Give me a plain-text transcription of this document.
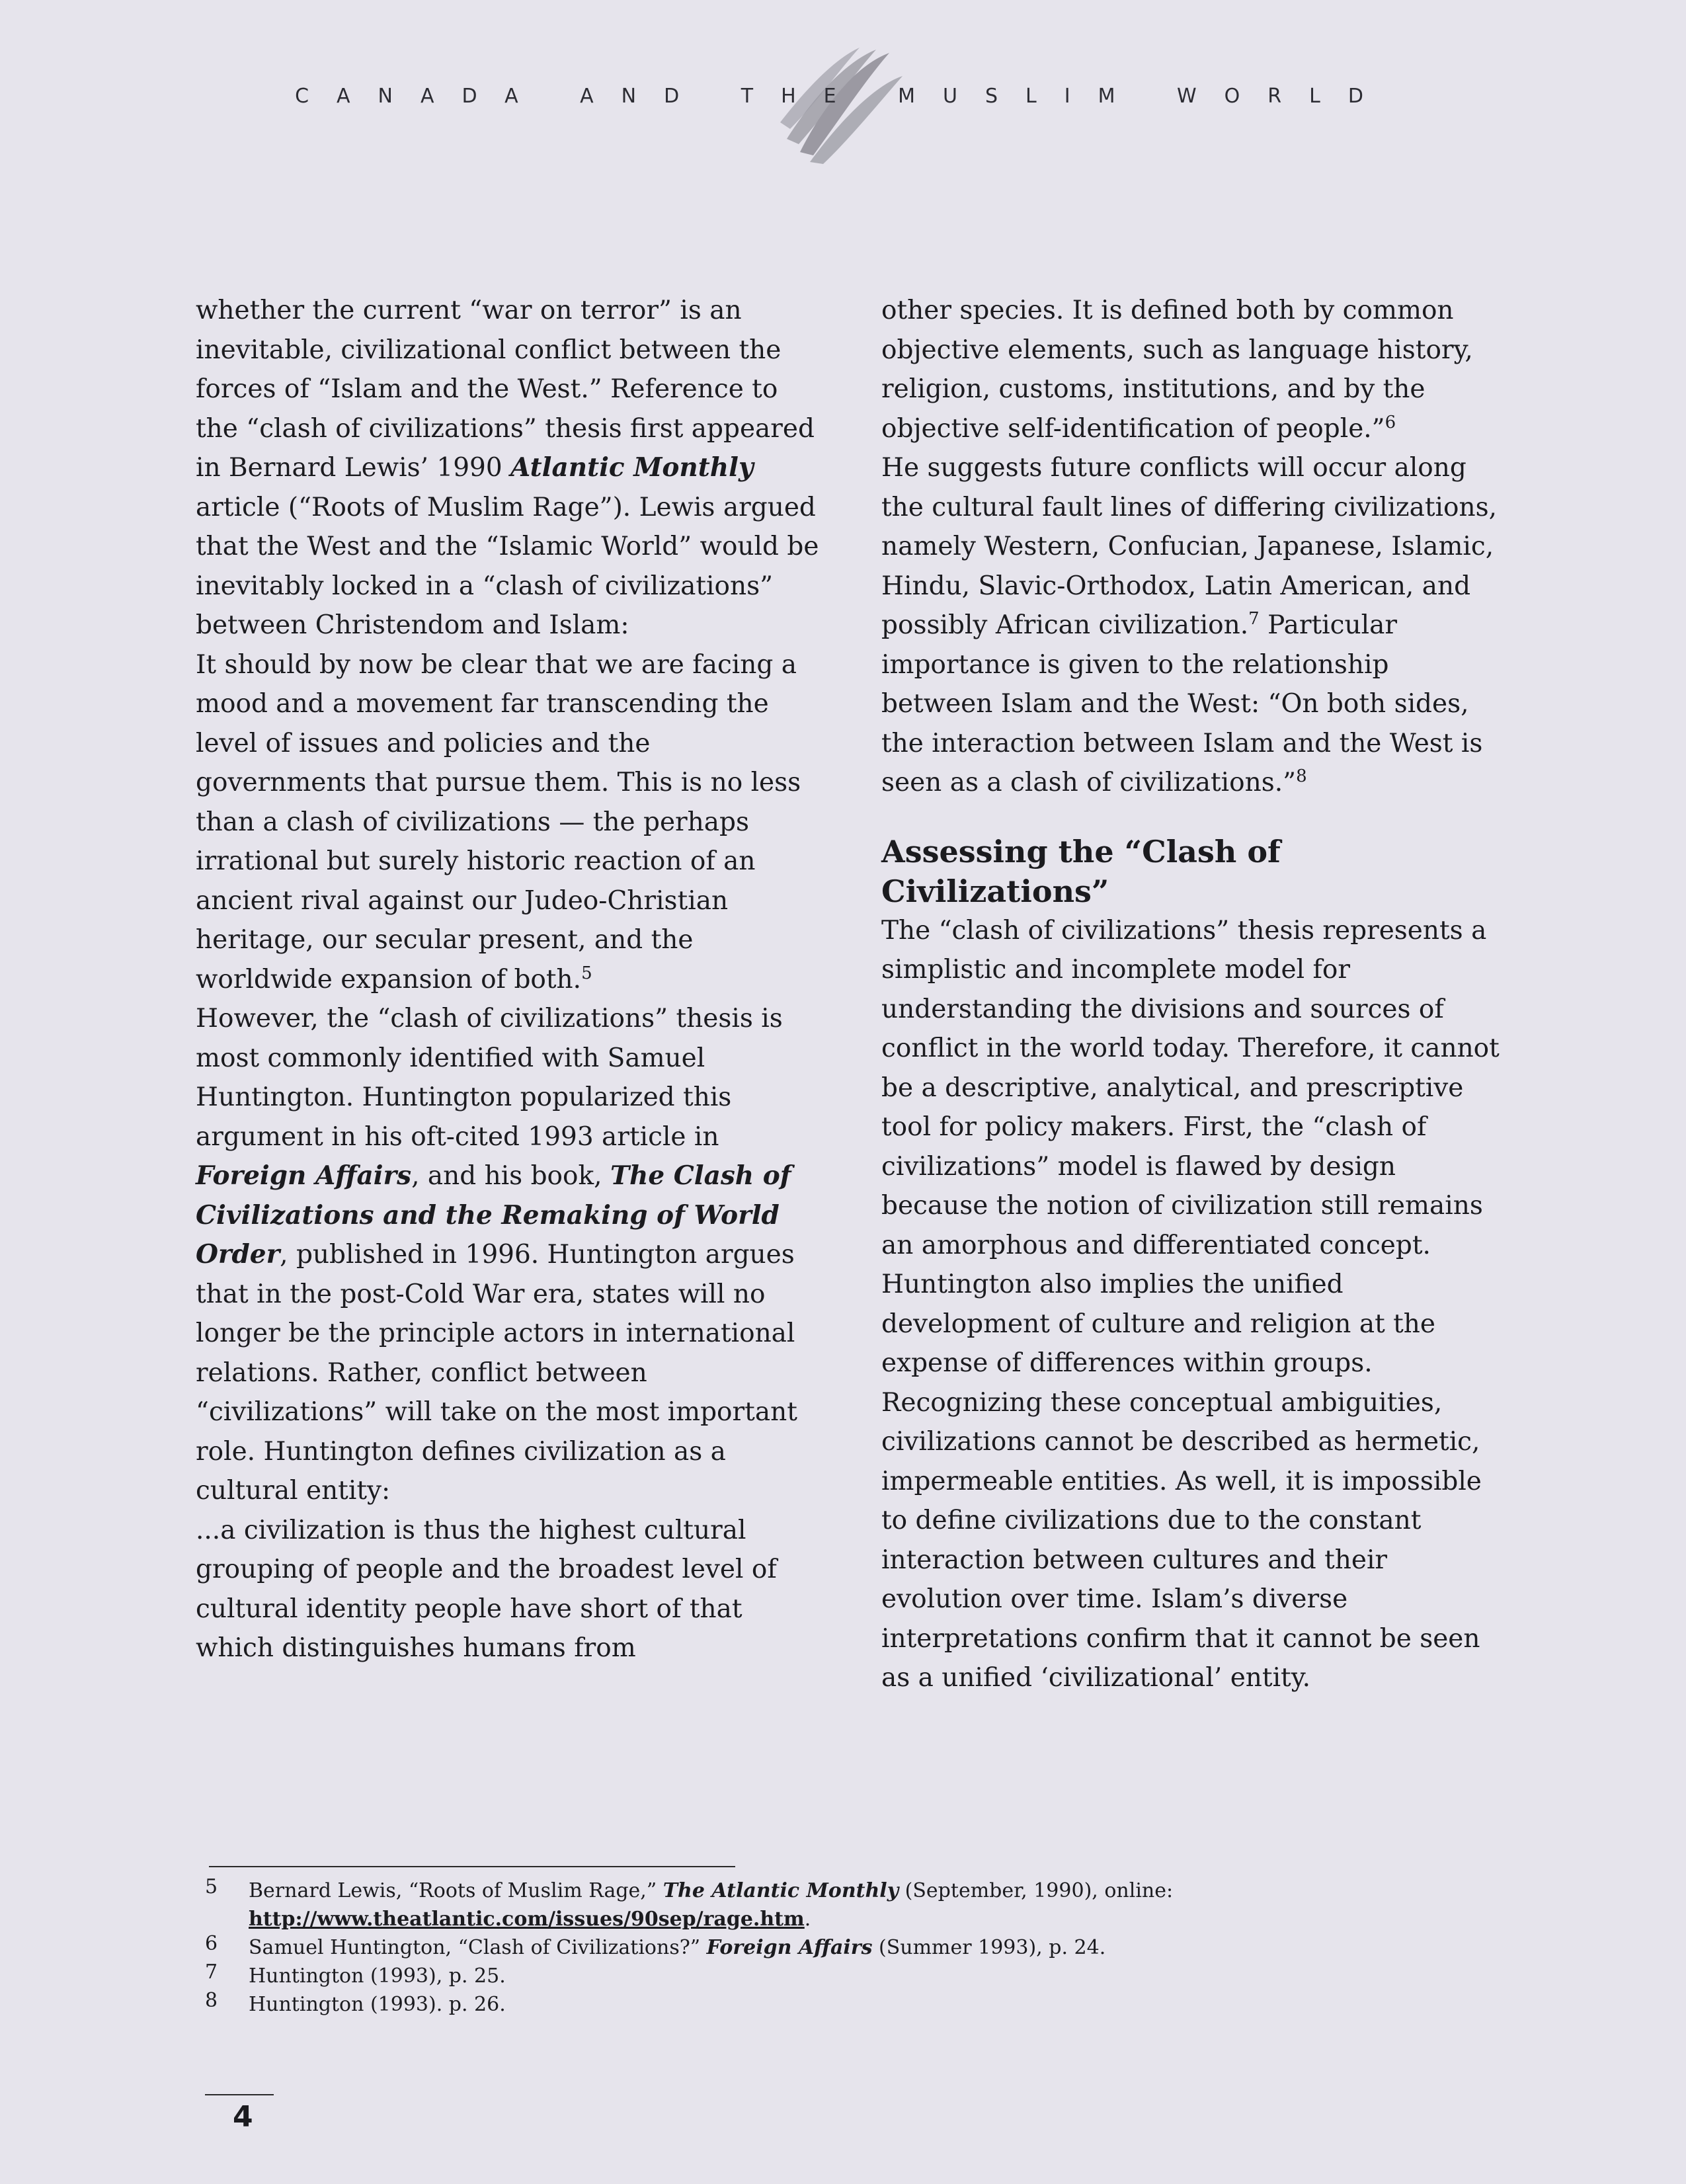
CANADA AND THE MUSLIM WORLD

whether the current “war on terror” is an inevitable, civilizational conflict between the forces of “Islam and the West.” Reference to the “clash of civilizations” thesis first appeared in Bernard Lewis’ 1990 Atlantic Monthly article (“Roots of Muslim Rage”). Lewis argued that the West and the “Islamic World” would be inevitably locked in a “clash of civilizations” between Christendom and Islam:

It should by now be clear that we are facing a mood and a movement far transcending the level of issues and policies and the governments that pursue them. This is no less than a clash of civilizations — the perhaps irrational but surely historic reaction of an ancient rival against our Judeo-Christian heritage, our secular present, and the worldwide expansion of both.$^5$

However, the “clash of civilizations” thesis is most commonly identified with Samuel Huntington. Huntington popularized this argument in his oft-cited 1993 article in Foreign Affairs, and his book, The Clash of Civilizations and the Remaking of World Order, published in 1996. Huntington argues that in the post-Cold War era, states will no longer be the principle actors in international relations. Rather, conflict between “civilizations” will take on the most important role. Huntington defines civilization as a cultural entity:

...a civilization is thus the highest cultural grouping of people and the broadest level of cultural identity people have short of that which distinguishes humans from

other species. It is defined both by common objective elements, such as language history, religion, customs, institutions, and by the objective self-identification of people.”$^6$

He suggests future conflicts will occur along the cultural fault lines of differing civilizations, namely Western, Confucian, Japanese, Islamic, Hindu, Slavic-Orthodox, Latin American, and possibly African civilization.$^7$ Particular importance is given to the relationship between Islam and the West: “On both sides, the interaction between Islam and the West is seen as a clash of civilizations.”$^8$

Assessing the “Clash of Civilizations”

The “clash of civilizations” thesis represents a simplistic and incomplete model for understanding the divisions and sources of conflict in the world today. Therefore, it cannot be a descriptive, analytical, and prescriptive tool for policy makers. First, the “clash of civilizations” model is flawed by design because the notion of civilization still remains an amorphous and differentiated concept. Huntington also implies the unified development of culture and religion at the expense of differences within groups. Recognizing these conceptual ambiguities, civilizations cannot be described as hermetic, impermeable entities. As well, it is impossible to define civilizations due to the constant interaction between cultures and their evolution over time. Islam’s diverse interpretations confirm that it cannot be seen as a unified ‘civilizational’ entity.

5	Bernard Lewis, “Roots of Muslim Rage,” The Atlantic Monthly (September, 1990), online:
http://www.theatlantic.com/issues/90sep/rage.htm.
6	Samuel Huntington, “Clash of Civilizations?” Foreign Affairs (Summer 1993), p. 24.
7	Huntington (1993), p. 25.
8	Huntington (1993). p. 26.
4
